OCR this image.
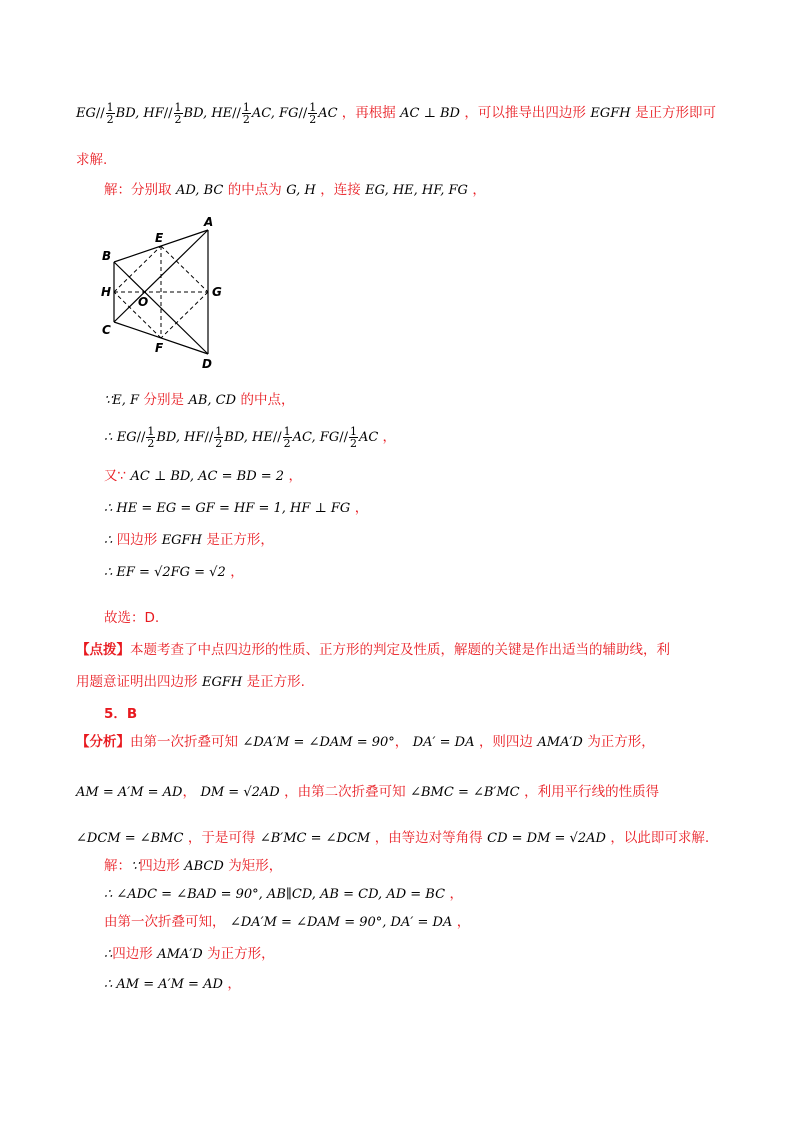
$EG// \frac{1}{2}$ BD, $HF// \frac{1}{2}$ BD, $HE// \frac{1}{2}$ AC, $FG// \frac{1}{2}$ AC ，再根据 AC ⊥ BD ，可以推导出四边形 EGFH 是正方形即可
求解.
解：分别取 AD, BC 的中点为 G, H ，连接 EG, HE, HF, FG ，
A
B
C
D
E
F
G
H
O
∵E, F 分别是 AB, CD 的中点，
∴ $EG// \frac{1}{2}$ BD, $HF// \frac{1}{2}$ BD, $HE// \frac{1}{2}$ AC, $FG// \frac{1}{2}$ AC ，
又∵ AC ⊥ BD, AC = BD = 2 ，
∴ HE = EG = GF = HF = 1, HF ⊥ FG ，
∴ 四边形 EGFH 是正方形，
∴ EF = √2FG = √2 ，
故选：D.
【点拨】本题考查了中点四边形的性质、正方形的判定及性质，解题的关键是作出适当的辅助线，利
用题意证明出四边形 EGFH 是正方形.
5．B
【分析】由第一次折叠可知 ∠DA′M = ∠DAM = 90°， DA′ = DA ，则四边 AMA′D 为正方形，
AM = A′M = AD， DM = √2AD ，由第二次折叠可知 ∠BMC = ∠B′MC ，利用平行线的性质得
∠DCM = ∠BMC ，于是可得 ∠B′MC = ∠DCM ，由等边对等角得 CD = DM = √2AD ，以此即可求解.
解：∵四边形 ABCD 为矩形，
∴ ∠ADC = ∠BAD = 90°, AB∥CD, AB = CD, AD = BC ，
由第一次折叠可知， ∠DA′M = ∠DAM = 90°, DA′ = DA ，
∴四边形 AMA′D 为正方形，
∴ AM = A′M = AD ，
